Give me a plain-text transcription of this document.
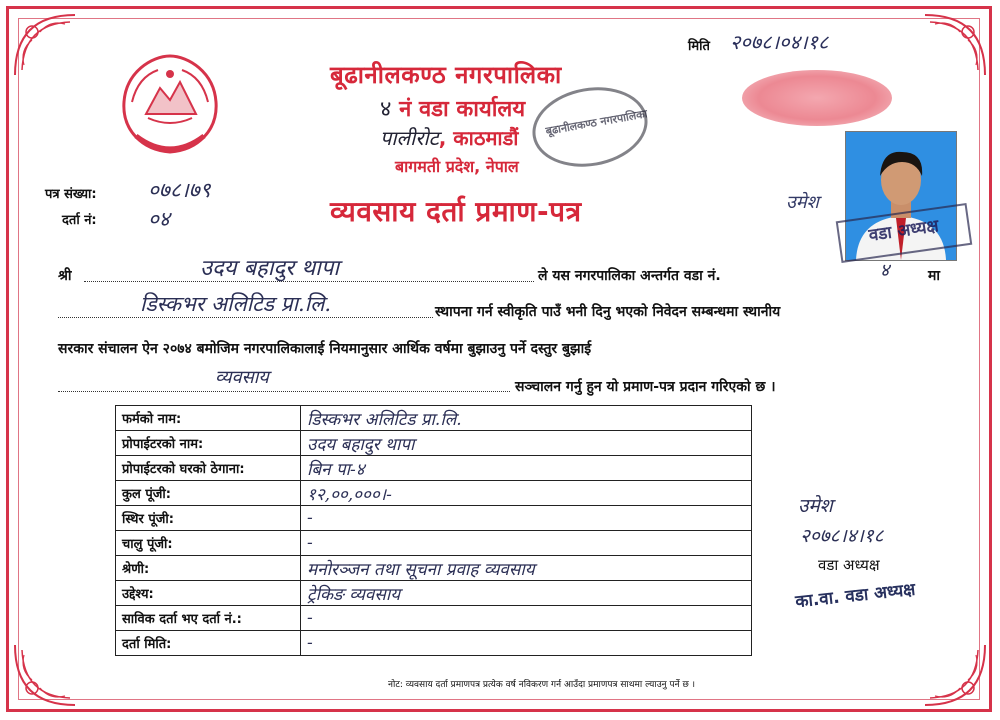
बूढानीलकण्ठ नगरपालिका
४ नं वडा कार्यालय
पालीरोट, काठमाडौं
बागमती प्रदेश, नेपाल
बूढानीलकण्ठ नगरपालिका
मिति २०७८।०४।१८
उमेश
वडा अध्यक्ष
पत्र संख्या: ०७८।७९
दर्ता नं: ०४	व्यवसाय दर्ता प्रमाण-पत्र
श्री	उदय बहादुर थापा	ले यस नगरपालिका अन्तर्गत वडा नं.	४	मा
डिस्कभर अलिटिड प्रा.लि.	स्थापना गर्न स्वीकृति पाउँ भनी दिनु भएको निवेदन सम्बन्धमा स्थानीय
सरकार संचालन ऐन २०७४ बमोजिम नगरपालिकालाई नियमानुसार आर्थिक वर्षमा बुझाउनु पर्ने दस्तुर बुझाई
व्यवसाय	सञ्चालन गर्नु हुन यो प्रमाण-पत्र प्रदान गरिएको छ ।
फर्मको नाम:	डिस्कभर अलिटिड प्रा.लि.
प्रोपाईटरको नाम:	उदय बहादुर थापा
प्रोपाईटरको घरको ठेगाना:	बिन पा-४
कुल पूंजी:	१२,००,०००।-
स्थिर पूंजी:	-
चालु पूंजी:	-
श्रेणी:	मनोरञ्जन तथा सूचना प्रवाह व्यवसाय
उद्देश्य:	ट्रेकिङ व्यवसाय
साविक दर्ता भए दर्ता नं.:	-
दर्ता मिति:	-
उमेश
२०७८।४।१८
वडा अध्यक्ष
का.वा. वडा अध्यक्ष
नोट: व्यवसाय दर्ता प्रमाणपत्र प्रत्येक वर्ष नविकरण गर्न आउँदा प्रमाणपत्र साथमा ल्याउनु पर्ने छ ।
